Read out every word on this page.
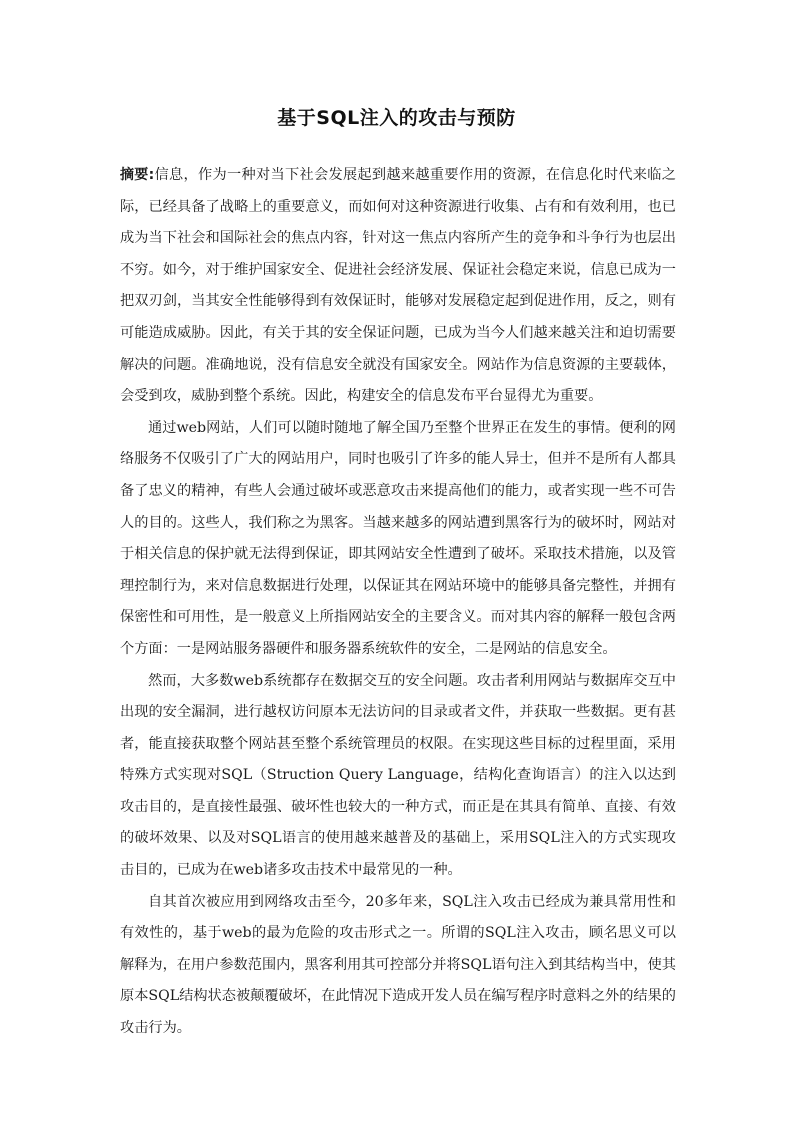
基于SQL注入的攻击与预防

摘要:信息，作为一种对当下社会发展起到越来越重要作用的资源，在信息化时代来临之际，已经具备了战略上的重要意义，而如何对这种资源进行收集、占有和有效利用，也已成为当下社会和国际社会的焦点内容，针对这一焦点内容所产生的竞争和斗争行为也层出不穷。如今，对于维护国家安全、促进社会经济发展、保证社会稳定来说，信息已成为一把双刃剑，当其安全性能够得到有效保证时，能够对发展稳定起到促进作用，反之，则有可能造成威胁。因此，有关于其的安全保证问题，已成为当今人们越来越关注和迫切需要解决的问题。准确地说，没有信息安全就没有国家安全。网站作为信息资源的主要载体，会受到攻，威胁到整个系统。因此，构建安全的信息发布平台显得尤为重要。

通过web网站，人们可以随时随地了解全国乃至整个世界正在发生的事情。便利的网络服务不仅吸引了广大的网站用户，同时也吸引了许多的能人异士，但并不是所有人都具备了忠义的精神，有些人会通过破坏或恶意攻击来提高他们的能力，或者实现一些不可告人的目的。这些人，我们称之为黑客。当越来越多的网站遭到黑客行为的破坏时，网站对于相关信息的保护就无法得到保证，即其网站安全性遭到了破坏。采取技术措施，以及管理控制行为，来对信息数据进行处理，以保证其在网站环境中的能够具备完整性，并拥有保密性和可用性，是一般意义上所指网站安全的主要含义。而对其内容的解释一般包含两个方面：一是网站服务器硬件和服务器系统软件的安全，二是网站的信息安全。

然而，大多数web系统都存在数据交互的安全问题。攻击者利用网站与数据库交互中出现的安全漏洞，进行越权访问原本无法访问的目录或者文件，并获取一些数据。更有甚者，能直接获取整个网站甚至整个系统管理员的权限。在实现这些目标的过程里面，采用特殊方式实现对SQL（Struction Query Language，结构化查询语言）的注入以达到攻击目的，是直接性最强、破坏性也较大的一种方式，而正是在其具有简单、直接、有效的破坏效果、以及对SQL语言的使用越来越普及的基础上，采用SQL注入的方式实现攻击目的，已成为在web诸多攻击技术中最常见的一种。

自其首次被应用到网络攻击至今，20多年来，SQL注入攻击已经成为兼具常用性和有效性的，基于web的最为危险的攻击形式之一。所谓的SQL注入攻击，顾名思义可以解释为，在用户参数范围内，黑客利用其可控部分并将SQL语句注入到其结构当中，使其原本SQL结构状态被颠覆破坏，在此情况下造成开发人员在编写程序时意料之外的结果的攻击行为。
